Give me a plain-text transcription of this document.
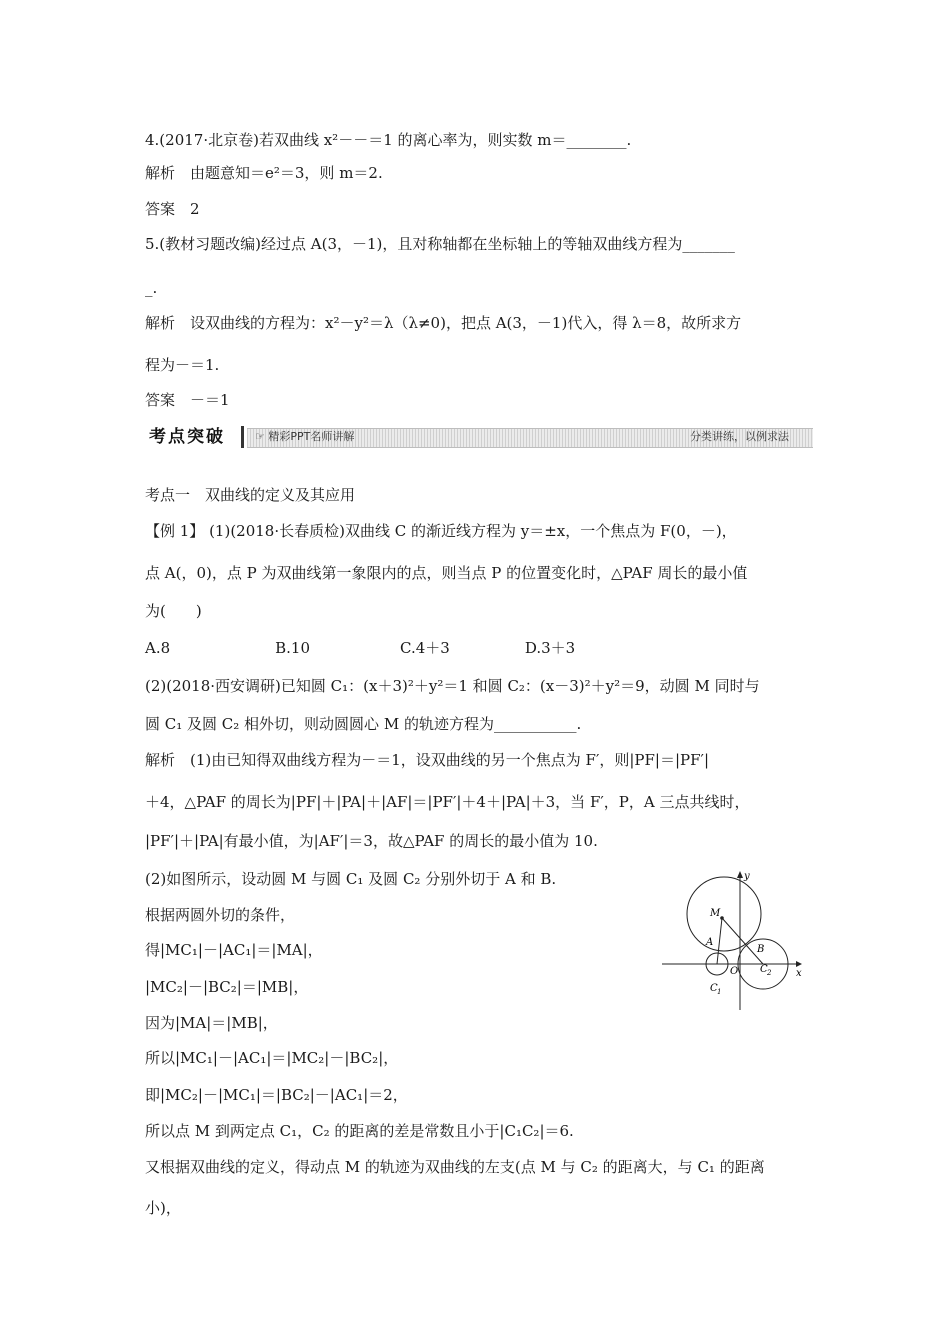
4.(2017·北京卷)若双曲线 x²－－＝1 的离心率为，则实数 m＝________.
解析　由题意知＝e²＝3，则 m＝2.
答案　2
5.(教材习题改编)经过点 A(3，－1)，且对称轴都在坐标轴上的等轴双曲线方程为_______
_.
解析　设双曲线的方程为：x²－y²＝λ（λ≠0)，把点 A(3，－1)代入，得 λ＝8，故所求方
程为－＝1.
答案　－＝1
考点一　双曲线的定义及其应用
【例 1】 (1)(2018·长春质检)双曲线 C 的渐近线方程为 y＝±x，一个焦点为 F(0，－)，
点 A(，0)，点 P 为双曲线第一象限内的点，则当点 P 的位置变化时，△PAF 周长的最小值
为(　　)
A.8　　　　　　　B.10　　　　　　C.4＋3　　　　　D.3＋3
(2)(2018·西安调研)已知圆 C₁：(x＋3)²＋y²＝1 和圆 C₂：(x－3)²＋y²＝9，动圆 M 同时与
圆 C₁ 及圆 C₂ 相外切，则动圆圆心 M 的轨迹方程为___________.
解析　(1)由已知得双曲线方程为－＝1，设双曲线的另一个焦点为 F′，则|PF|＝|PF′|
＋4，△PAF 的周长为|PF|＋|PA|＋|AF|＝|PF′|＋4＋|PA|＋3，当 F′，P，A 三点共线时，
|PF′|＋|PA|有最小值，为|AF′|＝3，故△PAF 的周长的最小值为 10.
(2)如图所示，设动圆 M 与圆 C₁ 及圆 C₂ 分别外切于 A 和 B.
根据两圆外切的条件，
得|MC₁|－|AC₁|＝|MA|，
|MC₂|－|BC₂|＝|MB|，
因为|MA|＝|MB|，
所以|MC₁|－|AC₁|＝|MC₂|－|BC₂|，
即|MC₂|－|MC₁|＝|BC₂|－|AC₁|＝2，
所以点 M 到两定点 C₁，C₂ 的距离的差是常数且小于|C₁C₂|＝6.
又根据双曲线的定义，得动点 M 的轨迹为双曲线的左支(点 M 与 C₂ 的距离大，与 C₁ 的距离
小)，
考点突破	☞ 精彩PPT名师讲解	分类讲练，以例求法
y
x
M
A
B
O
C 1
C 2
